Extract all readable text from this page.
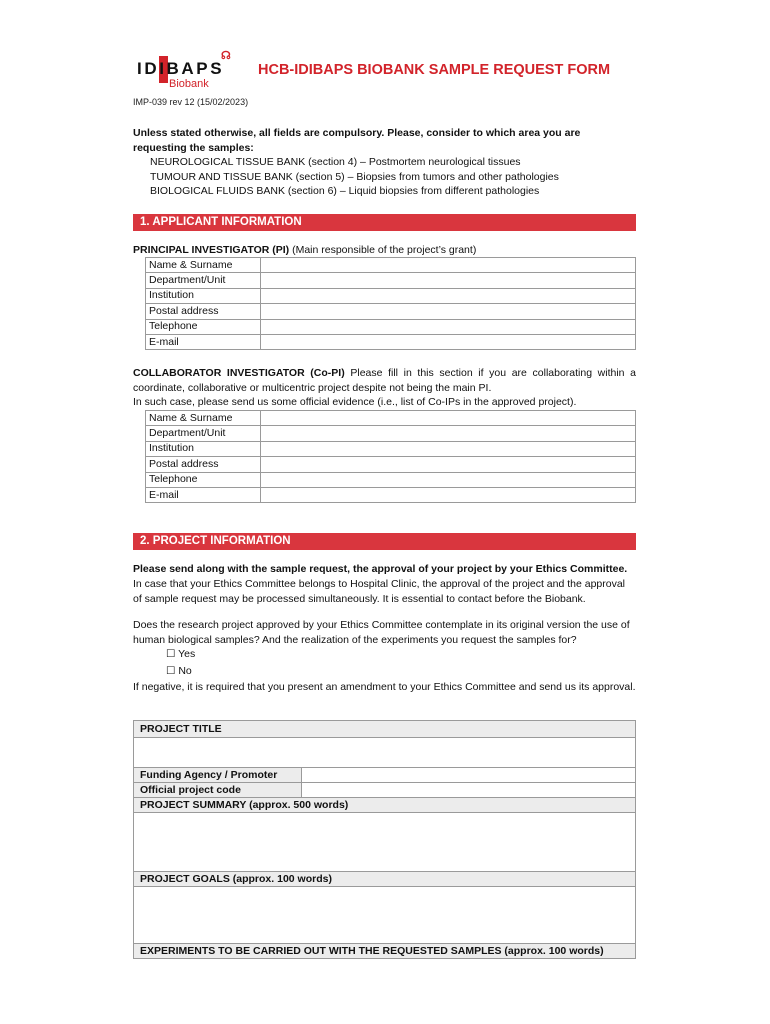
IDIBAPS
Biobank
☊
HCB-IDIBAPS BIOBANK SAMPLE REQUEST FORM
IMP-039 rev 12 (15/02/2023)
Unless stated otherwise, all fields are compulsory. Please, consider to which area you are requesting the samples:
NEUROLOGICAL TISSUE BANK (section 4) – Postmortem neurological tissues
TUMOUR AND TISSUE BANK (section 5) – Biopsies from tumors and other pathologies
BIOLOGICAL FLUIDS BANK (section 6) – Liquid biopsies from different pathologies
1. APPLICANT INFORMATION
PRINCIPAL INVESTIGATOR (PI) (Main responsible of the project’s grant)
Name & Surname	
Department/Unit	
Institution	
Postal address	
Telephone	
E-mail	
COLLABORATOR INVESTIGATOR (Co-PI) Please fill in this section if you are collaborating within a coordinate, collaborative or multicentric project despite not being the main PI.
In such case, please send us some official evidence (i.e., list of Co-IPs in the approved project).
Name & Surname	
Department/Unit	
Institution	
Postal address	
Telephone	
E-mail	
2. PROJECT INFORMATION
Please send along with the sample request, the approval of your project by your Ethics Committee.
In case that your Ethics Committee belongs to Hospital Clinic, the approval of the project and the approval of sample request may be processed simultaneously. It is essential to contact before the Biobank.
Does the research project approved by your Ethics Committee contemplate in its original version the use of human biological samples? And the realization of the experiments you request the samples for?
☐ Yes
☐ No
If negative, it is required that you present an amendment to your Ethics Committee and send us its approval.
PROJECT TITLE	

Funding Agency / Promoter	
Official project code	
PROJECT SUMMARY (approx. 500 words)	

PROJECT GOALS (approx. 100 words)	

EXPERIMENTS TO BE CARRIED OUT WITH THE REQUESTED SAMPLES (approx. 100 words)	
